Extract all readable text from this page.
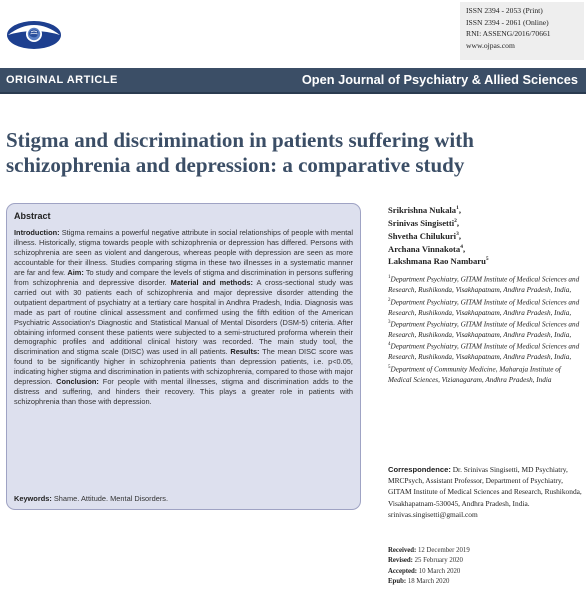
ISSN 2394 - 2053 (Print)
ISSN 2394 - 2061 (Online)
RNI: ASSENG/2016/70661
www.ojpas.com
ORIGINAL ARTICLE	Open Journal of Psychiatry & Allied Sciences
Stigma and discrimination in patients suffering with schizophrenia and depression: a comparative study
Abstract

Introduction: Stigma remains a powerful negative attribute in social relationships of people with mental illness. Historically, stigma towards people with schizophrenia or depression has differed. Persons with schizophrenia are seen as violent and dangerous, whereas people with depression are seen as more accountable for their illness. Studies comparing stigma in these two illnesses in a systematic manner are far and few. Aim: To study and compare the levels of stigma and discrimination in persons suffering from schizophrenia and depressive disorder. Material and methods: A cross-sectional study was carried out with 30 patients each of schizophrenia and major depressive disorder attending the outpatient department of psychiatry at a tertiary care hospital in Andhra Pradesh, India. Diagnosis was made as part of routine clinical assessment and confirmed using the fifth edition of the American Psychiatric Association's Diagnostic and Statistical Manual of Mental Disorders (DSM-5) criteria. After obtaining informed consent these patients were subjected to a semi-structured proforma wherein their demographic profiles and additional clinical history was recorded. The main study tool, the discrimination and stigma scale (DISC) was used in all patients. Results: The mean DISC score was found to be significantly higher in schizophrenia patients than depression patients, i.e. p<0.05, indicating higher stigma and discrimination in patients with schizophrenia, compared to those with major depression. Conclusion: For people with mental illnesses, stigma and discrimination adds to the distress and suffering, and hinders their recovery. This plays a greater role in patients with schizophrenia than those with depression.

Keywords: Shame. Attitude. Mental Disorders.
Srikrishna Nukala$^1$,
Srinivas Singisetti$^2$,
Shvetha Chilukuri$^3$,
Archana Vinnakota$^4$,
Lakshmana Rao Nambaru$^5$
$^1$Department Psychiatry, GITAM Institute of Medical Sciences and Research, Rushikonda, Visakhapatnam, Andhra Pradesh, India,
$^2$Department Psychiatry, GITAM Institute of Medical Sciences and Research, Rushikonda, Visakhapatnam, Andhra Pradesh, India,
$^3$Department Psychiatry, GITAM Institute of Medical Sciences and Research, Rushikonda, Visakhapatnam, Andhra Pradesh, India,
$^4$Department Psychiatry, GITAM Institute of Medical Sciences and Research, Rushikonda, Visakhapatnam, Andhra Pradesh, India,
$^5$Department of Community Medicine, Maharaja Institute of Medical Sciences, Vizianagaram, Andhra Pradesh, India
Correspondence: Dr. Srinivas Singisetti, MD Psychiatry, MRCPsych, Assistant Professor, Department of Psychiatry, GITAM Institute of Medical Sciences and Research, Rushikonda, Visakhapatnam-530045, Andhra Pradesh, India. srinivas.singisetti@gmail.com
Received: 12 December 2019
Revised: 25 February 2020
Accepted: 10 March 2020
Epub: 18 March 2020
